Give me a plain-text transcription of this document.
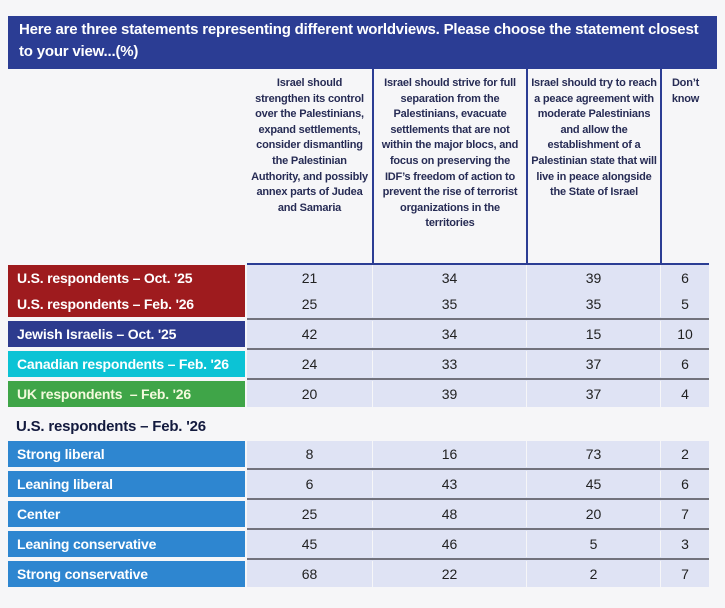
Here are three statements representing different worldviews. Please choose the statement closest to your view...(%)
Israel should strengthen its control over the Palestinians, expand settlements, consider dismantling the Palestinian Authority, and possibly annex parts of Judea and Samaria
Israel should strive for full separation from the Palestinians, evacuate settlements that are not within the major blocs, and focus on preserving the IDF’s freedom of action to prevent the rise of terrorist organizations in the territories
Israel should try to reach a peace agreement with moderate Palestinians and allow the establishment of a Palestinian state that will live in peace alongside the State of Israel
Don’t know
U.S. respondents – Oct. '25	21	34	39	6
U.S. respondents – Feb. '26	25	35	35	5
Jewish Israelis – Oct. '25	42	34	15	10
Canadian respondents – Feb. '26	24	33	37	6
UK respondents  – Feb. '26	20	39	37	4
U.S. respondents – Feb. '26
Strong liberal	8	16	73	2
Leaning liberal	6	43	45	6
Center	25	48	20	7
Leaning conservative	45	46	5	3
Strong conservative	68	22	2	7
